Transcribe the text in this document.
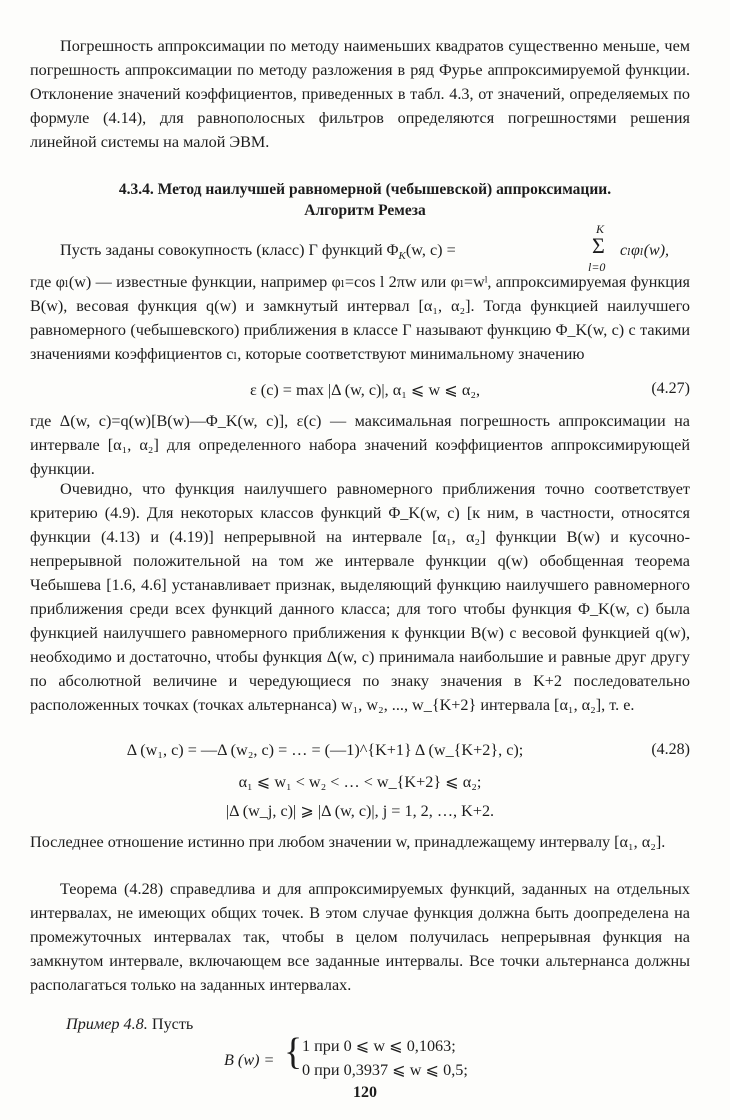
Погрешность аппроксимации по методу наименьших квадратов существенно меньше, чем погрешность аппроксимации по методу разложения в ряд Фурье аппроксимируемой функции. Отклонение значений коэффициентов, приведенных в табл. 4.3, от значений, определяемых по формуле (4.14), для равнополосных фильтров определяются погрешностями решения линейной системы на малой ЭВМ.

4.3.4. Метод наилучшей равномерной (чебышевской) аппроксимации.
Алгоритм Ремеза
Пусть заданы совокупность (класс) Γ функций $\Phi_K(w$, c) =
K
Σ
l=0
cₗφₗ(w),

где φₗ(w) — известные функции, например φₗ=cos l 2πw или φₗ=wˡ, аппроксимируемая функция B(w), весовая функция q(w) и замкнутый интервал [α₁, α₂]. Тогда функцией наилучшего равномерного (чебышевского) приближения в классе Γ называют функцию Φ_K(w, c) с такими значениями коэффициентов cₗ, которые соответствуют минимальному значению

ε (c) = max |Δ (w, c)|, α₁ ⩽ w ⩽ α₂,	(4.27)

где Δ(w, c)=q(w)[B(w)—Φ_K(w, c)], ε(c) — максимальная погрешность аппроксимации на интервале [α₁, α₂] для определенного набора значений коэффициентов аппроксимирующей функции.

Очевидно, что функция наилучшего равномерного приближения точно соответствует критерию (4.9). Для некоторых классов функций Φ_K(w, c) [к ним, в частности, относятся функции (4.13) и (4.19)] непрерывной на интервале [α₁, α₂] функции B(w) и кусочно-непрерывной положительной на том же интервале функции q(w) обобщенная теорема Чебышева [1.6, 4.6] устанавливает признак, выделяющий функцию наилучшего равномерного приближения среди всех функций данного класса; для того чтобы функция Φ_K(w, c) была функцией наилучшего равномерного приближения к функции B(w) с весовой функцией q(w), необходимо и достаточно, чтобы функция Δ(w, c) принимала наибольшие и равные друг другу по абсолютной величине и чередующиеся по знаку значения в K+2 последовательно расположенных точках (точках альтернанса) w₁, w₂, ..., w_{K+2} интервала [α₁, α₂], т. е.

Δ (w₁, c) = —Δ (w₂, c) = … = (—1)^{K+1} Δ (w_{K+2}, c);	(4.28)
α₁ ⩽ w₁ < w₂ < … < w_{K+2} ⩽ α₂;
|Δ (w_j, c)| ⩾ |Δ (w, c)|, j = 1, 2, …, K+2.

Последнее отношение истинно при любом значении w, принадлежащему интервалу [α₁, α₂].

Теорема (4.28) справедлива и для аппроксимируемых функций, заданных на отдельных интервалах, не имеющих общих точек. В этом случае функция должна быть доопределена на промежуточных интервалах так, чтобы в целом получилась непрерывная функция на замкнутом интервале, включающем все заданные интервалы. Все точки альтернанса должны располагаться только на заданных интервалах.

Пример 4.8. Пусть
B (w) = { 1 при 0 ⩽ w ⩽ 0,1063;
0 при 0,3937 ⩽ w ⩽ 0,5;
120
